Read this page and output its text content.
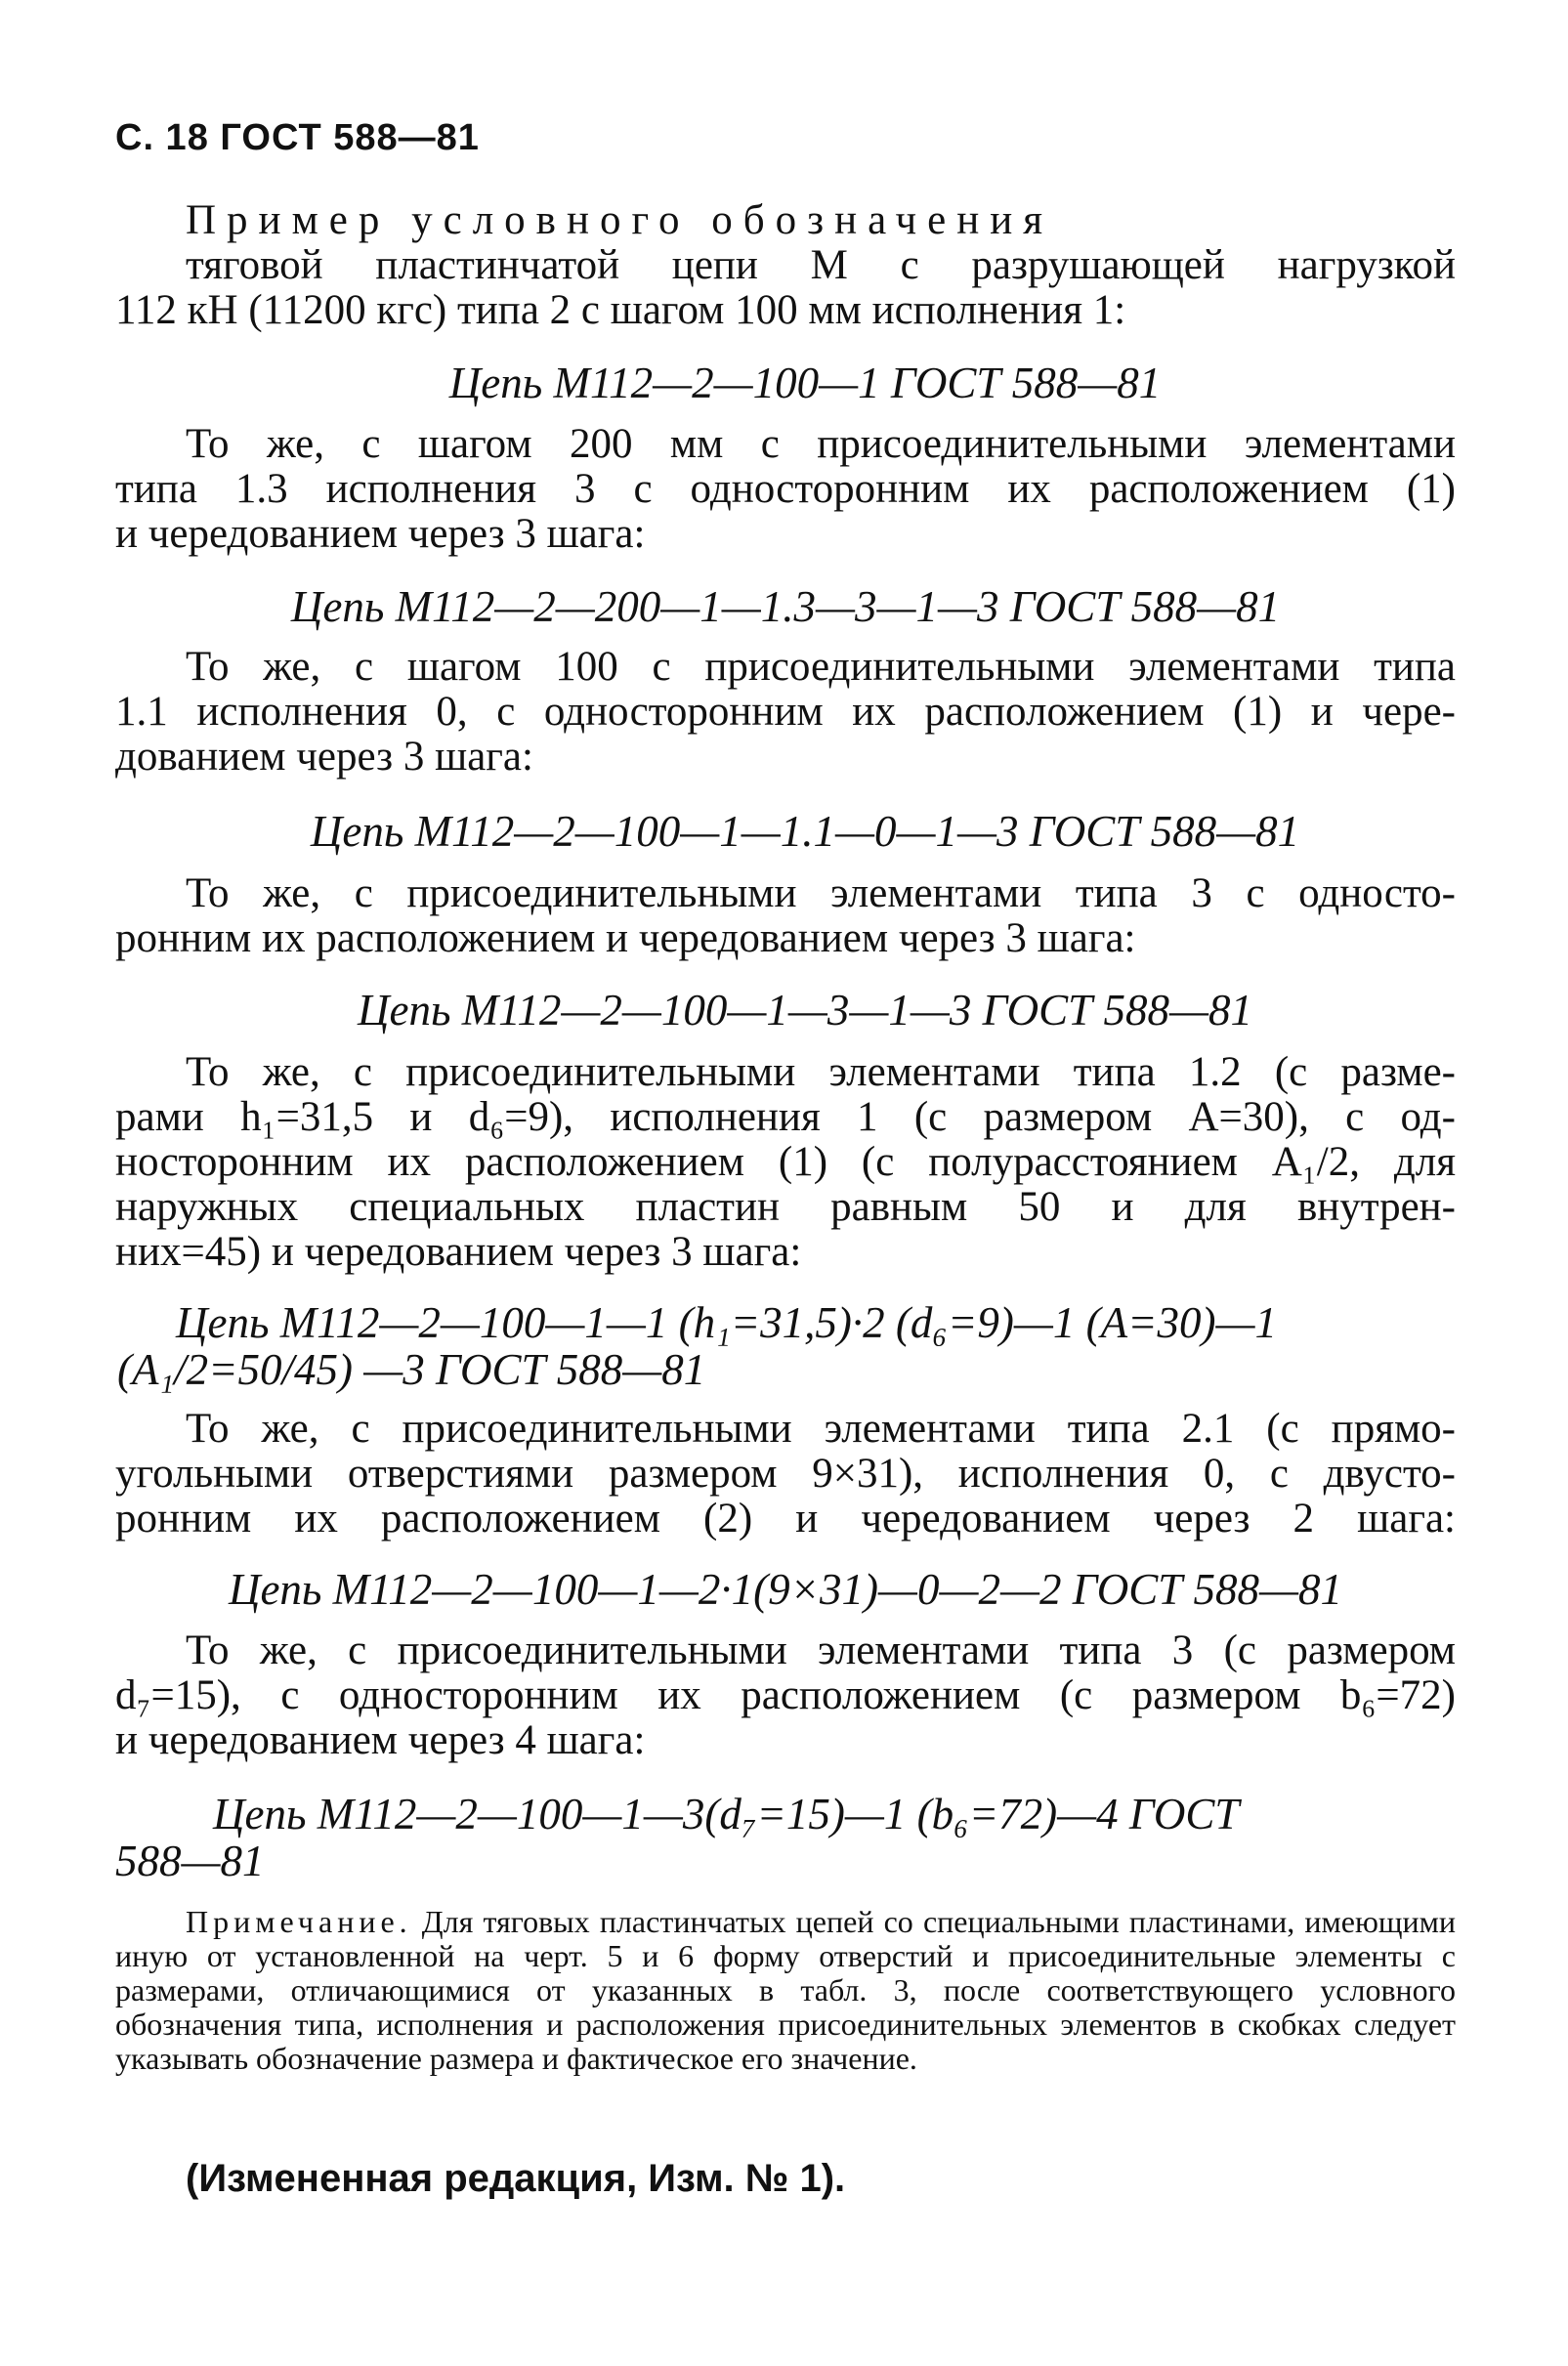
С. 18 ГОСТ 588—81
Пример условного обозначения
тяговой пластинчатой цепи М с разрушающей нагрузкой
112 кН (11200 кгс) типа 2 с шагом 100 мм исполнения 1:
Цепь М112—2—100—1 ГОСТ 588—81
То же, с шагом 200 мм с присоединительными элементами
типа 1.3 исполнения 3 с односторонним их расположением (1)
и чередованием через 3 шага:
Цепь М112—2—200—1—1.3—3—1—3 ГОСТ 588—81
То же, с шагом 100 с присоединительными элементами типа
1.1 исполнения 0, с односторонним их расположением (1) и чере-
дованием через 3 шага:
Цепь М112—2—100—1—1.1—0—1—3 ГОСТ 588—81
То же, с присоединительными элементами типа 3 с односто-
ронним их расположением и чередованием через 3 шага:
Цепь М112—2—100—1—3—1—3 ГОСТ 588—81
То же, с присоединительными элементами типа 1.2 (с разме-
рами h₁=31,5 и d₆=9), исполнения 1 (с размером A=30), с од-
носторонним их расположением (1) (с полурасстоянием A₁/2, для
наружных специальных пластин равным 50 и для внутрен-
них=45) и чередованием через 3 шага:
Цепь М112—2—100—1—1 (h₁=31,5)·2 (d₆=9)—1 (A=30)—1
(A₁/2=50/45) —3 ГОСТ 588—81
То же, с присоединительными элементами типа 2.1 (с прямо-
угольными отверстиями размером 9×31), исполнения 0, с двусто-
ронним их расположением (2) и чередованием через 2 шага:
Цепь М112—2—100—1—2·1(9×31)—0—2—2 ГОСТ 588—81
То же, с присоединительными элементами типа 3 (с размером
d₇=15), с односторонним их расположением (с размером b₆=72)
и чередованием через 4 шага:
Цепь М112—2—100—1—3(d₇=15)—1 (b₆=72)—4 ГОСТ
588—81
Примечание. Для тяговых пластинчатых цепей со специальными пластинами, имеющими иную от установленной на черт. 5 и 6 форму отверстий и присоединительные элементы с размерами, отличающимися от указанных в табл. 3, после соответствующего условного обозначения типа, исполнения и расположения присоединительных элементов в скобках следует указывать обозначение размера и фактическое его значение.
(Измененная редакция, Изм. № 1).
